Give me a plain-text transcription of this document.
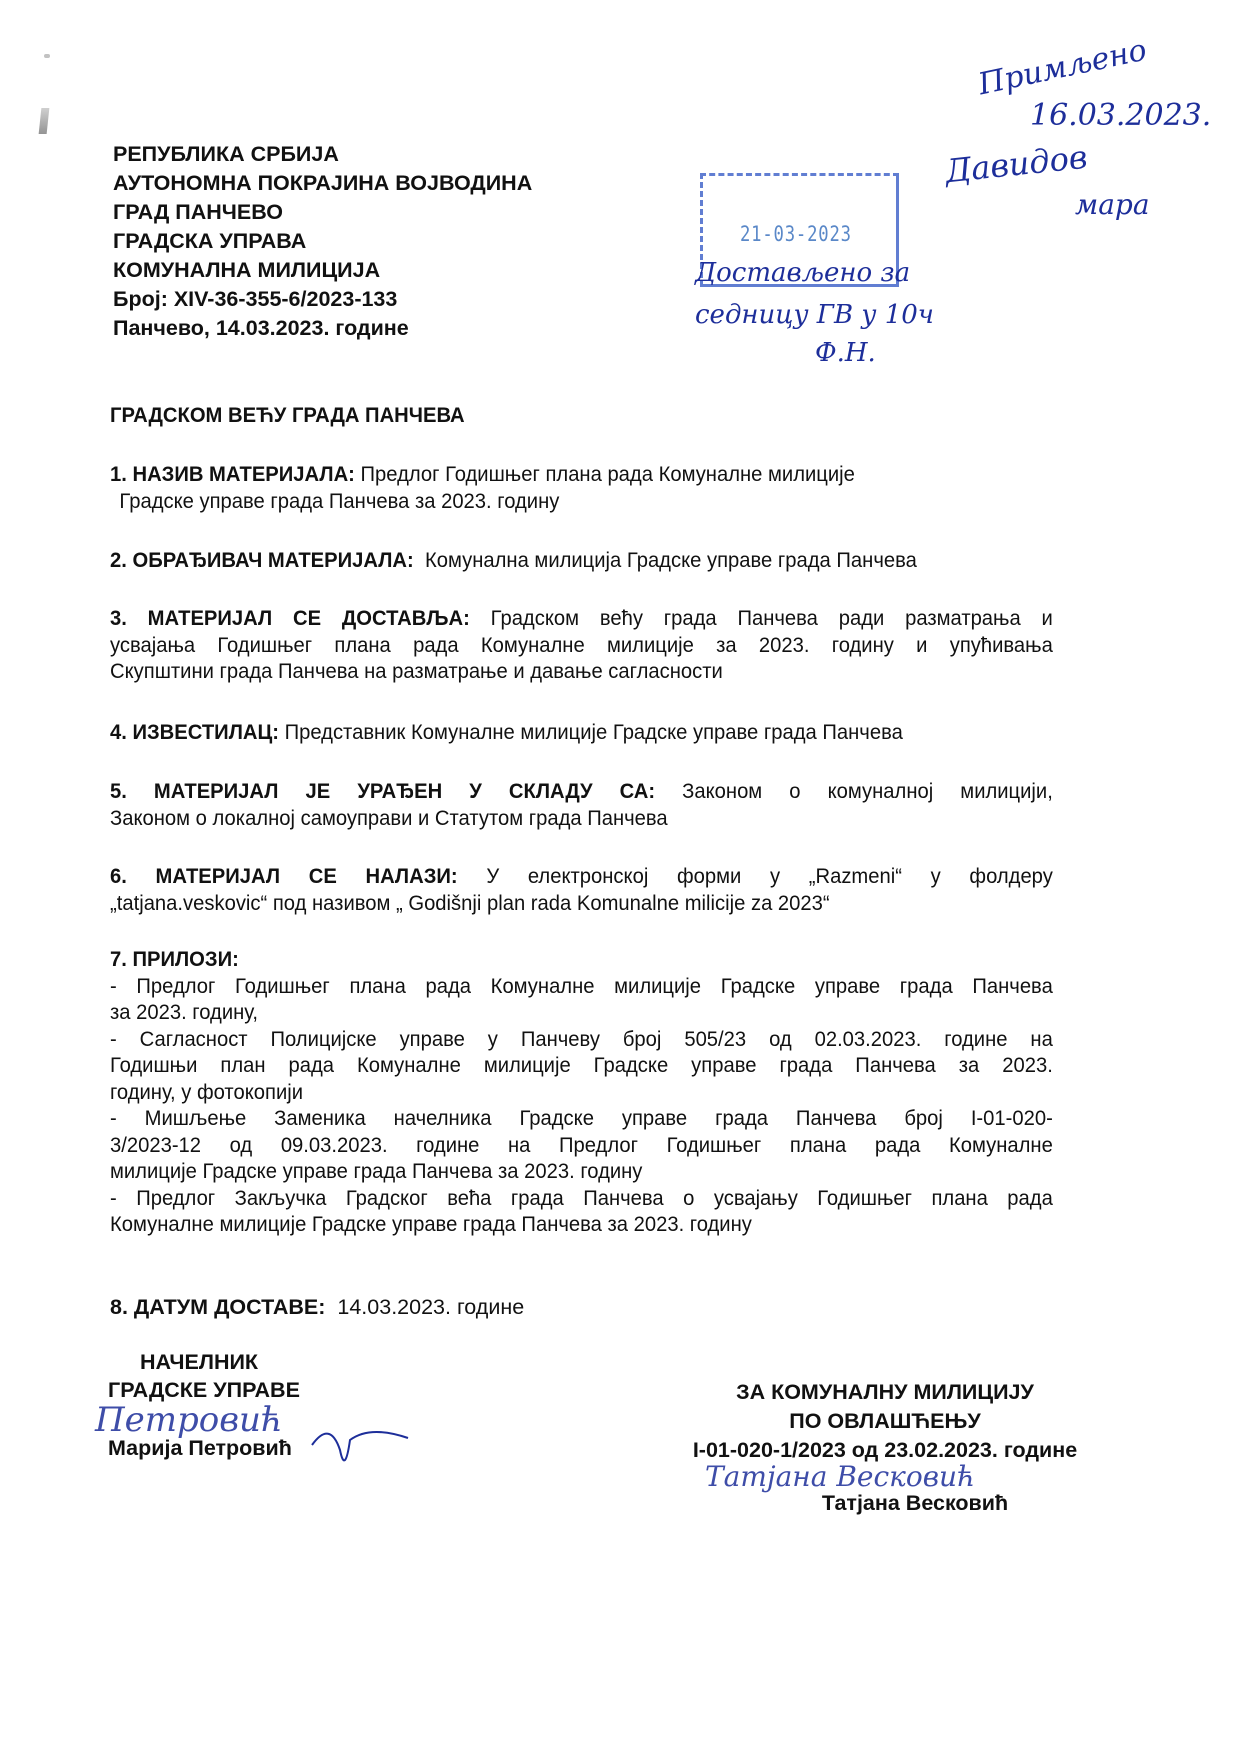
РЕПУБЛИКА СРБИЈА
АУТОНОМНА ПОКРАЈИНА ВОЈВОДИНА
ГРАД ПАНЧЕВО
ГРАДСКА УПРАВА
КОМУНАЛНА МИЛИЦИЈА
Број: XIV-36-355-6/2023-133
Панчево, 14.03.2023. године
21-03-2023
Примљено
16.03.2023.
Давидов
мара
Достављено за
седницу ГВ у 10ч
Ф.Н.
ГРАДСКОМ ВЕЋУ ГРАДА ПАНЧЕВА
1. НАЗИВ МАТЕРИЈАЛА: Предлог Годишњег плана рада Комуналне милиције
Градске управе града Панчева за 2023. годину
2. ОБРАЂИВАЧ МАТЕРИЈАЛА: Комунална милиција Градске управе града Панчева
3. МАТЕРИЈАЛ СЕ ДОСТАВЉА: Градском већу града Панчева ради разматрања и
усвајања Годишњег плана рада Комуналне милиције за 2023. годину и упућивања
Скупштини града Панчева на разматрање и давање сагласности
4. ИЗВЕСТИЛАЦ: Представник Комуналне милиције Градске управе града Панчева
5. МАТЕРИЈАЛ ЈЕ УРАЂЕН У СКЛАДУ СА: Законом о комуналној милицији,
Законом о локалној самоуправи и Статутом града Панчева
6. МАТЕРИЈАЛ СЕ НАЛАЗИ: У електронској форми у „Razmeni“ у фолдеру
„tatjana.veskovic“ под називом „ Godišnji plan rada Komunalne milicije za 2023“
7. ПРИЛОЗИ:
- Предлог Годишњег плана рада Комуналне милиције Градске управе града Панчева
за 2023. годину,
- Сагласност Полицијске управе у Панчеву број 505/23 од 02.03.2023. године на
Годишњи план рада Комуналне милиције Градске управе града Панчева за 2023.
годину, у фотокопији
- Мишљење Заменика начелника Градске управе града Панчева број I-01-020-
3/2023-12 од 09.03.2023. године на Предлог Годишњег плана рада Комуналне
милиције Градске управе града Панчева за 2023. годину
- Предлог Закључка Градског већа града Панчева о усвајању Годишњег плана рада
Комуналне милиције Градске управе града Панчева за 2023. годину
8. ДАТУМ ДОСТАВЕ: 14.03.2023. године
НАЧЕЛНИК
ГРАДСКЕ УПРАВЕ
Марија Петровић
Петровић
ЗА КОМУНАЛНУ МИЛИЦИЈУ
ПО ОВЛАШЋЕЊУ
I-01-020-1/2023 од 23.02.2023. године
Татјана Весковић
Татјана Весковић
